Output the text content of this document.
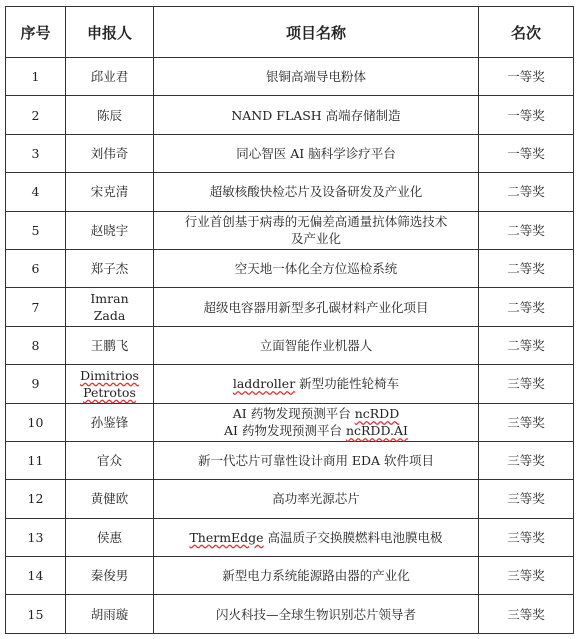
序号	申报人	项目名称	名次
1	邱业君	银铜高端导电粉体	一等奖
2	陈辰	NAND FLASH 高端存储制造	一等奖
3	刘伟奇	同心智医 AI 脑科学诊疗平台	一等奖
4	宋克清	超敏核酸快检芯片及设备研发及产业化	二等奖
5	赵晓宇	行业首创基于病毒的无偏差高通量抗体筛选技术
及产业化	二等奖
6	郑子杰	空天地一体化全方位巡检系统	二等奖
7	Imran
Zada	超级电容器用新型多孔碳材料产业化项目	二等奖
8	王鹏飞	立面智能作业机器人	二等奖
9	Dimitrios
Petrotos	laddroller 新型功能性轮椅车	三等奖
10	孙鉴锋	AI 药物发现预测平台 ncRDD
AI 药物发现预测平台 ncRDD.AI	三等奖
11	官众	新一代芯片可靠性设计商用 EDA 软件项目	三等奖
12	黄健欧	高功率光源芯片	三等奖
13	侯惠	ThermEdge 高温质子交换膜燃料电池膜电极	三等奖
14	秦俊男	新型电力系统能源路由器的产业化	三等奖
15	胡雨璇	闪火科技—全球生物识别芯片领导者	三等奖
